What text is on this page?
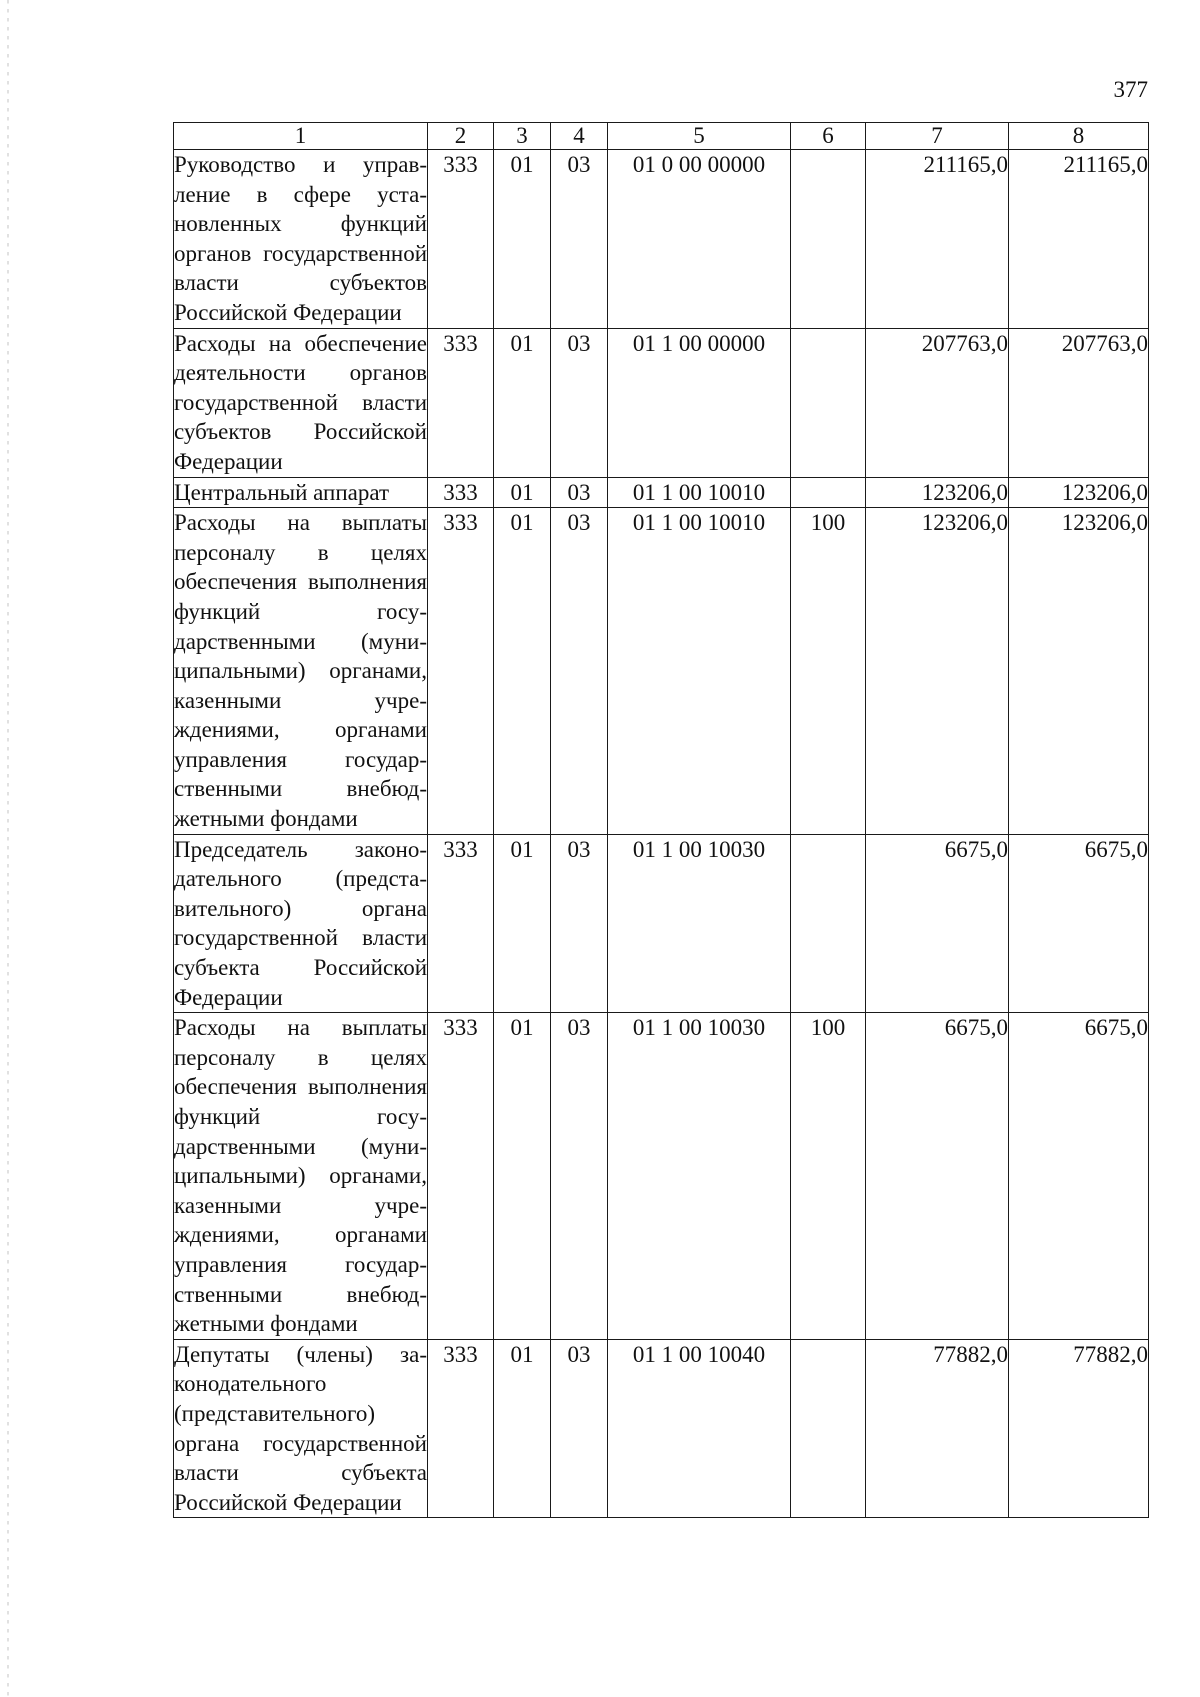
377
1	2	3	4	5	6	7	8
Руководство и управление в сфере установленных функций органов государственной власти субъектов Российской Федерации	333	01	03	01 0 00 00000		211165,0	211165,0
Расходы на обеспечение деятельности органов государственной власти субъектов Российской Федерации	333	01	03	01 1 00 00000		207763,0	207763,0
Центральный аппарат	333	01	03	01 1 00 10010		123206,0	123206,0
Расходы на выплаты персоналу в целях обеспечения выполнения функций государственными (муниципальными) органами, казенными учреждениями, органами управления государственными внебюджетными фондами	333	01	03	01 1 00 10010	100	123206,0	123206,0
Председатель законодательного (представительного) органа государственной власти субъекта Российской Федерации	333	01	03	01 1 00 10030		6675,0	6675,0
Расходы на выплаты персоналу в целях обеспечения выполнения функций государственными (муниципальными) органами, казенными учреждениями, органами управления государственными внебюджетными фондами	333	01	03	01 1 00 10030	100	6675,0	6675,0
Депутаты (члены) законодательного (представительного) органа государственной власти субъекта Российской Федерации	333	01	03	01 1 00 10040		77882,0	77882,0
